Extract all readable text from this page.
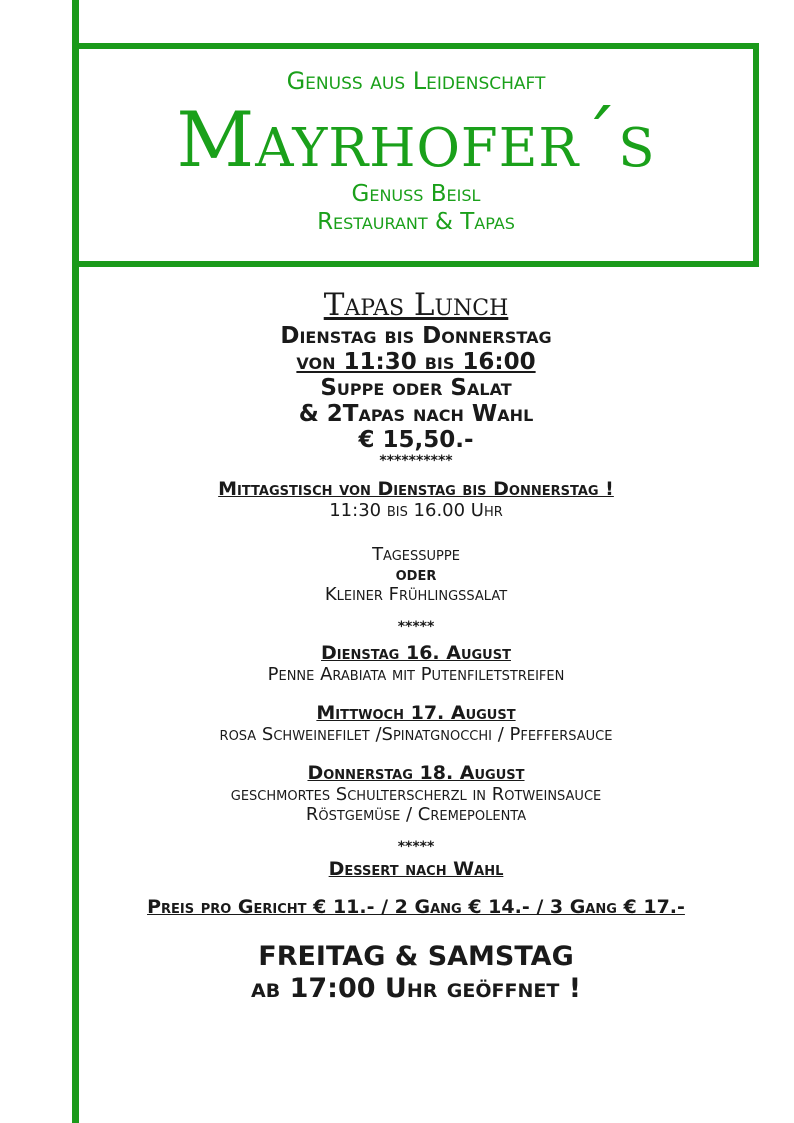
Genuss aus Leidenschaft
Mayrhofer´s
Genuss Beisl
Restaurant & Tapas
Tapas Lunch
Dienstag bis Donnerstag
von 11:30 bis 16:00
Suppe oder Salat
& 2Tapas nach Wahl
€ 15,50.-
**********
Mittagstisch von Dienstag bis Donnerstag !
11:30 bis 16.00 Uhr
Tagessuppe
oder
Kleiner Frühlingssalat
*****
Dienstag 16. August
Penne Arabiata mit Putenfiletstreifen
Mittwoch 17. August
rosa Schweinefilet /Spinatgnocchi / Pfeffersauce
Donnerstag 18. August
geschmortes Schulterscherzl in Rotweinsauce
Röstgemüse / Cremepolenta
*****
Dessert nach Wahl
Preis pro Gericht € 11.- / 2 Gang € 14.- / 3 Gang € 17.-
FREITAG & SAMSTAG
ab 17:00 Uhr geöffnet !
